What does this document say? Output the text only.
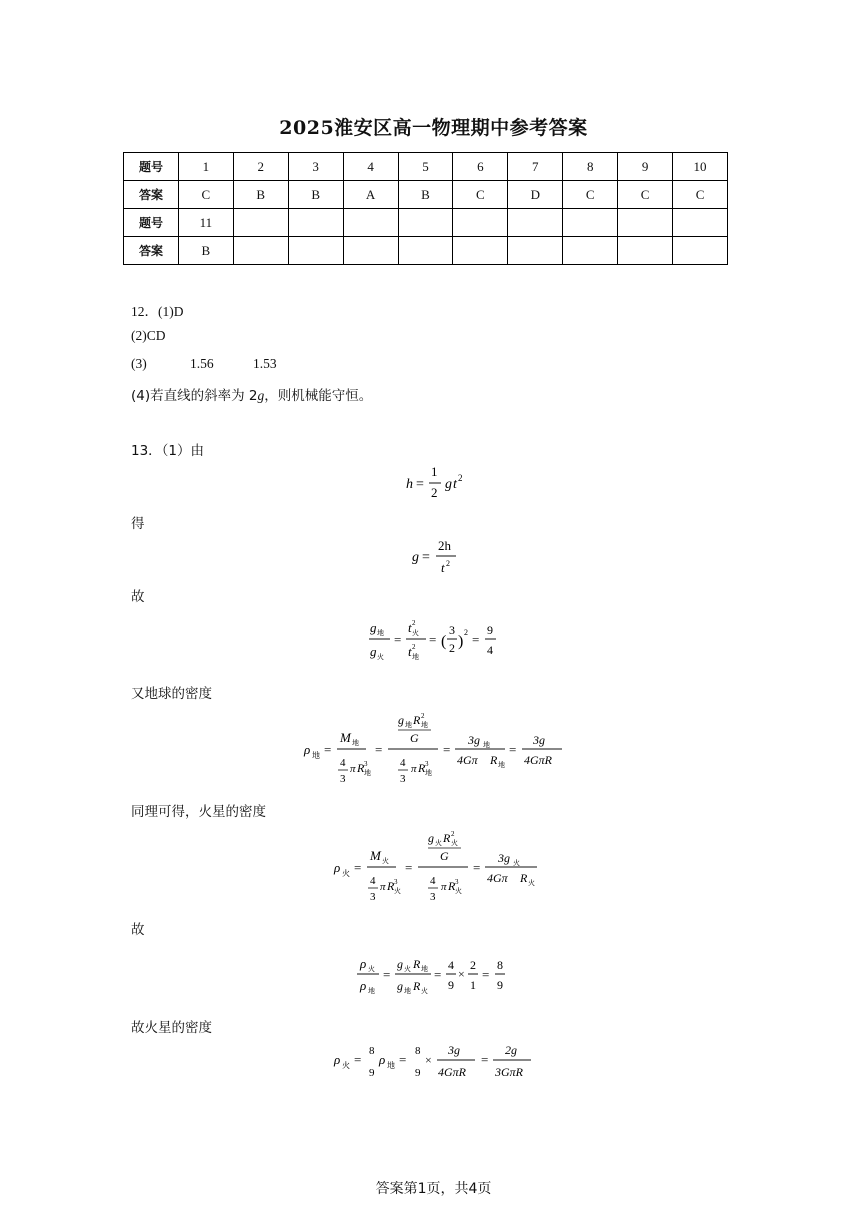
2025淮安区高一物理期中参考答案
题号	1	2	3	4	5	6	7	8	9	10
答案	C	B	B	A	B	C	D	C	C	C
题号	11									
答案	B									
12．(1)D
(2)CD
(3)	1.56	1.53
(4)若直线的斜率为 2g，则机械能守恒。
13．（1）由
得
故
又地球的密度
同理可得，火星的密度
故
故火星的密度
h =
1
2
g t 2
g =
2h
t 2
g 地
g 火
=
t 2
火
t 2
地
= (
3
2 )
2 =
9
4
ρ 地 =
M 地
4
3
π R 3
地
=
g 地 R 2
地
G
4
3
π R 3
地
=
3g 地
4Gπ R 地
=
3g
4GπR
ρ 火 =
M 火
4
3
π R 3
火
=
g 火 R 2
火
G
4
3
π R 3
火
=
3g 火
4Gπ R 火
ρ 火
ρ 地
=
g 火 R 地
g 地 R 火
=
4
9
×
2
1
=
8
9
ρ 火 =
8
9
ρ 地 =
8
9
×
3g
4GπR
=
2g
3GπR
答案第1页，共4页
